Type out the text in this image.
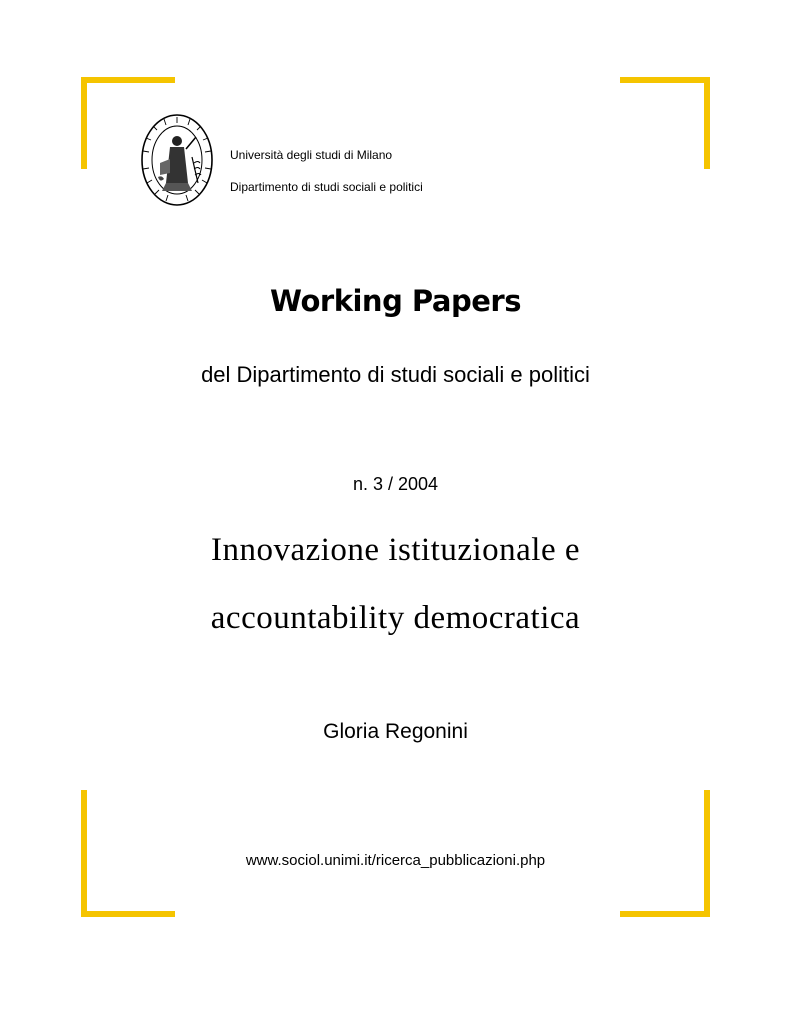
Università degli studi di Milano
Dipartimento di studi sociali e politici
Working Papers
del Dipartimento di studi sociali e politici
n. 3 / 2004
Innovazione istituzionale e
accountability democratica
Gloria Regonini
www.sociol.unimi.it/ricerca_pubblicazioni.php
